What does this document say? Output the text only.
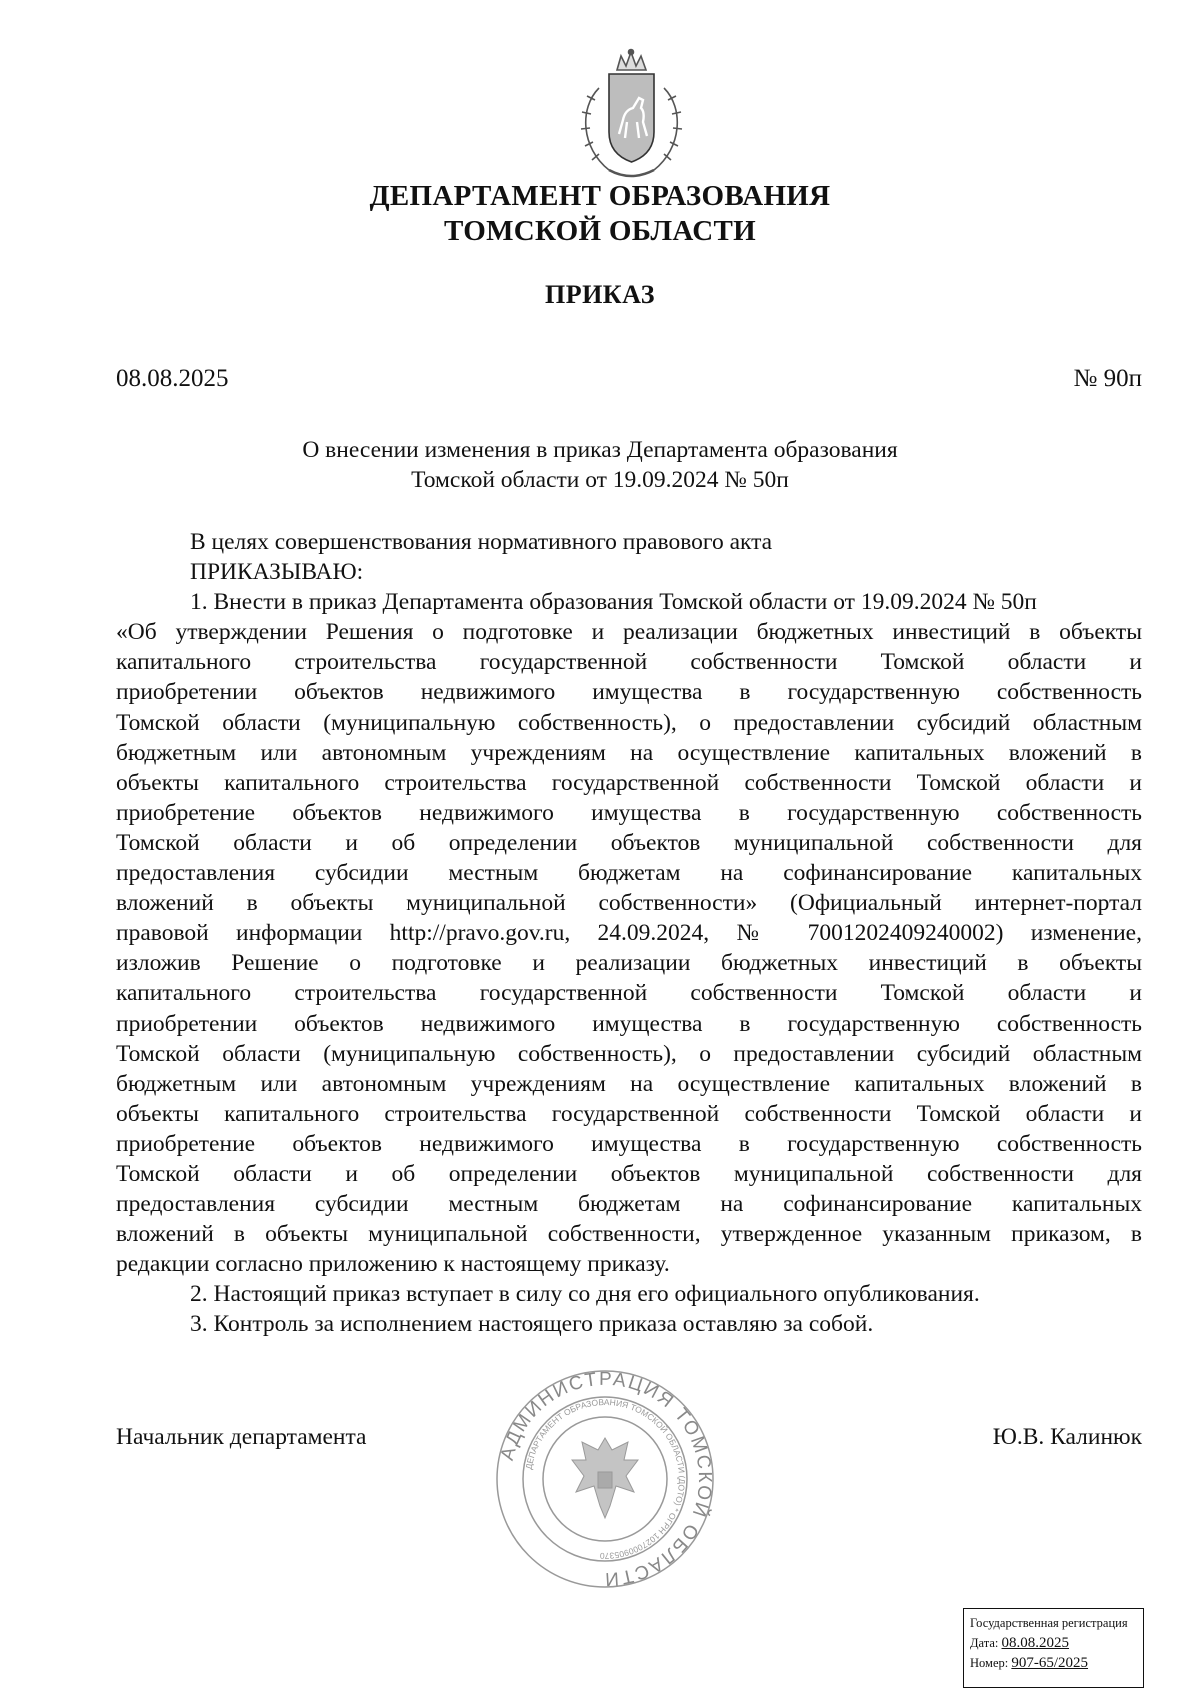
ДЕПАРТАМЕНТ ОБРАЗОВАНИЯ
ТОМСКОЙ ОБЛАСТИ
ПРИКАЗ
08.08.2025	№ 90п
О внесении изменения в приказ Департамента образования
Томской области от 19.09.2024 № 50п
В целях совершенствования нормативного правового акта
ПРИКАЗЫВАЮ:
1. Внести в приказ Департамента образования Томской области от 19.09.2024 № 50п
«Об утверждении Решения о подготовке и реализации бюджетных инвестиций в объекты
капитального строительства государственной собственности Томской области и
приобретении объектов недвижимого имущества в государственную собственность
Томской области (муниципальную собственность), о предоставлении субсидий областным
бюджетным или автономным учреждениям на осуществление капитальных вложений в
объекты капитального строительства государственной собственности Томской области и
приобретение объектов недвижимого имущества в государственную собственность
Томской области и об определении объектов муниципальной собственности для
предоставления субсидии местным бюджетам на софинансирование капитальных
вложений в объекты муниципальной собственности» (Официальный интернет-портал
правовой информации http://pravo.gov.ru, 24.09.2024, № 7001202409240002) изменение,
изложив Решение о подготовке и реализации бюджетных инвестиций в объекты
капитального строительства государственной собственности Томской области и
приобретении объектов недвижимого имущества в государственную собственность
Томской области (муниципальную собственность), о предоставлении субсидий областным
бюджетным или автономным учреждениям на осуществление капитальных вложений в
объекты капитального строительства государственной собственности Томской области и
приобретение объектов недвижимого имущества в государственную собственность
Томской области и об определении объектов муниципальной собственности для
предоставления субсидии местным бюджетам на софинансирование капитальных
вложений в объекты муниципальной собственности, утвержденное указанным приказом, в
редакции согласно приложению к настоящему приказу.
2. Настоящий приказ вступает в силу со дня его официального опубликования.
3. Контроль за исполнением настоящего приказа оставляю за собой.
АДМИНИСТРАЦИЯ ТОМСКОЙ ОБЛАСТИ
ДЕПАРТАМЕНТ ОБРАЗОВАНИЯ ТОМСКОЙ ОБЛАСТИ (ДОТО) * ОГРН 1027000905370
Начальник департамента	Ю.В. Калинюк
Государственная регистрация
Дата: 08.08.2025
Номер: 907-65/2025
